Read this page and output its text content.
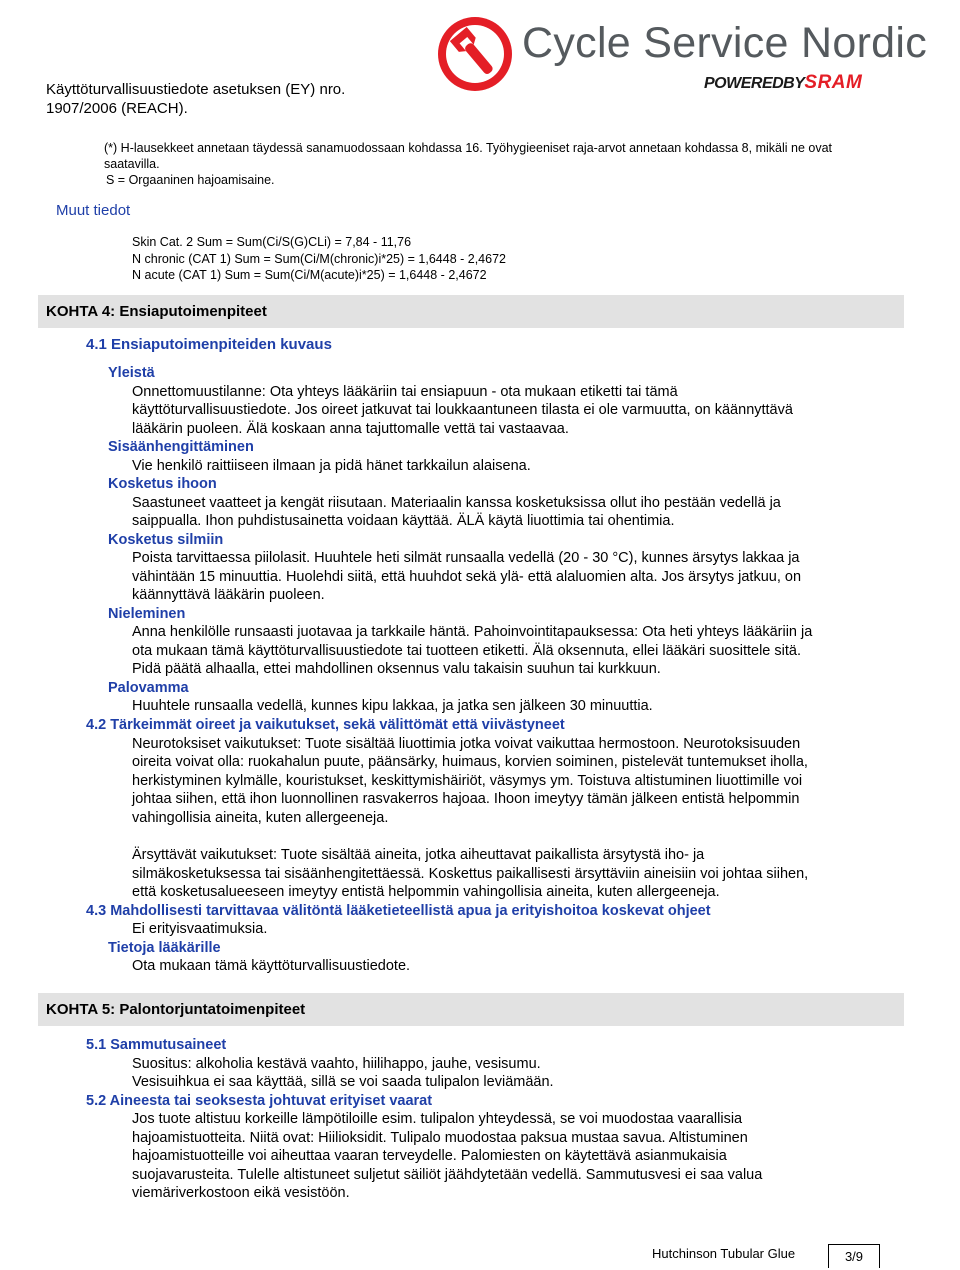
Käyttöturvallisuustiedote asetuksen (EY) nro.
1907/2006 (REACH).
Cycle Service Nordic
POWEREDBYSRAM
(*) H-lausekkeet annetaan täydessä sanamuodossaan kohdassa 16. Työhygieeniset raja-arvot annetaan kohdassa 8, mikäli ne ovat
saatavilla.
S = Orgaaninen hajoamisaine.
Muut tiedot
Skin Cat. 2 Sum = Sum(Ci/S(G)CLi) = 7,84 - 11,76
N chronic (CAT 1) Sum = Sum(Ci/M(chronic)i*25) = 1,6448 - 2,4672
N acute (CAT 1) Sum = Sum(Ci/M(acute)i*25) = 1,6448 - 2,4672
KOHTA 4: Ensiaputoimenpiteet
4.1 Ensiaputoimenpiteiden kuvaus
Yleistä
Onnettomuustilanne: Ota yhteys lääkäriin tai ensiapuun - ota mukaan etiketti tai tämä
käyttöturvallisuustiedote. Jos oireet jatkuvat tai loukkaantuneen tilasta ei ole varmuutta, on käännyttävä
lääkärin puoleen. Älä koskaan anna tajuttomalle vettä tai vastaavaa.
Sisäänhengittäminen
Vie henkilö raittiiseen ilmaan ja pidä hänet tarkkailun alaisena.
Kosketus ihoon
Saastuneet vaatteet ja kengät riisutaan. Materiaalin kanssa kosketuksissa ollut iho pestään vedellä ja
saippualla. Ihon puhdistusainetta voidaan käyttää. ÄLÄ käytä liuottimia tai ohentimia.
Kosketus silmiin
Poista tarvittaessa piilolasit. Huuhtele heti silmät runsaalla vedellä (20 - 30 °C), kunnes ärsytys lakkaa ja
vähintään 15 minuuttia. Huolehdi siitä, että huuhdot sekä ylä- että alaluomien alta. Jos ärsytys jatkuu, on
käännyttävä lääkärin puoleen.
Nieleminen
Anna henkilölle runsaasti juotavaa ja tarkkaile häntä. Pahoinvointitapauksessa: Ota heti yhteys lääkäriin ja
ota mukaan tämä käyttöturvallisuustiedote tai tuotteen etiketti. Älä oksennuta, ellei lääkäri suosittele sitä.
Pidä päätä alhaalla, ettei mahdollinen oksennus valu takaisin suuhun tai kurkkuun.
Palovamma
Huuhtele runsaalla vedellä, kunnes kipu lakkaa, ja jatka sen jälkeen 30 minuuttia.
4.2 Tärkeimmät oireet ja vaikutukset, sekä välittömät että viivästyneet
Neurotoksiset vaikutukset: Tuote sisältää liuottimia jotka voivat vaikuttaa hermostoon. Neurotoksisuuden
oireita voivat olla: ruokahalun puute, päänsärky, huimaus, korvien soiminen, pistelevät tuntemukset iholla,
herkistyminen kylmälle, kouristukset, keskittymishäiriöt, väsymys ym. Toistuva altistuminen liuottimille voi
johtaa siihen, että ihon luonnollinen rasvakerros hajoaa. Ihoon imeytyy tämän jälkeen entistä helpommin
vahingollisia aineita, kuten allergeeneja.
Ärsyttävät vaikutukset: Tuote sisältää aineita, jotka aiheuttavat paikallista ärsytystä iho- ja
silmäkosketuksessa tai sisäänhengitettäessä. Koskettus paikallisesti ärsyttäviin aineisiin voi johtaa siihen,
että kosketusalueeseen imeytyy entistä helpommin vahingollisia aineita, kuten allergeeneja.
4.3 Mahdollisesti tarvittavaa välitöntä lääketieteellistä apua ja erityishoitoa koskevat ohjeet
Ei erityisvaatimuksia.
Tietoja lääkärille
Ota mukaan tämä käyttöturvallisuustiedote.
KOHTA 5: Palontorjuntatoimenpiteet
5.1 Sammutusaineet
Suositus: alkoholia kestävä vaahto, hiilihappo, jauhe, vesisumu.
Vesisuihkua ei saa käyttää, sillä se voi saada tulipalon leviämään.
5.2 Aineesta tai seoksesta johtuvat erityiset vaarat
Jos tuote altistuu korkeille lämpötiloille esim. tulipalon yhteydessä, se voi muodostaa vaarallisia
hajoamistuotteita. Niitä ovat: Hiilioksidit. Tulipalo muodostaa paksua mustaa savua. Altistuminen
hajoamistuotteille voi aiheuttaa vaaran terveydelle. Palomiesten on käytettävä asianmukaisia
suojavarusteita. Tulelle altistuneet suljetut säiliöt jäähdytetään vedellä. Sammutusvesi ei saa valua
viemäriverkostoon eikä vesistöön.
Hutchinson Tubular Glue	3/9
